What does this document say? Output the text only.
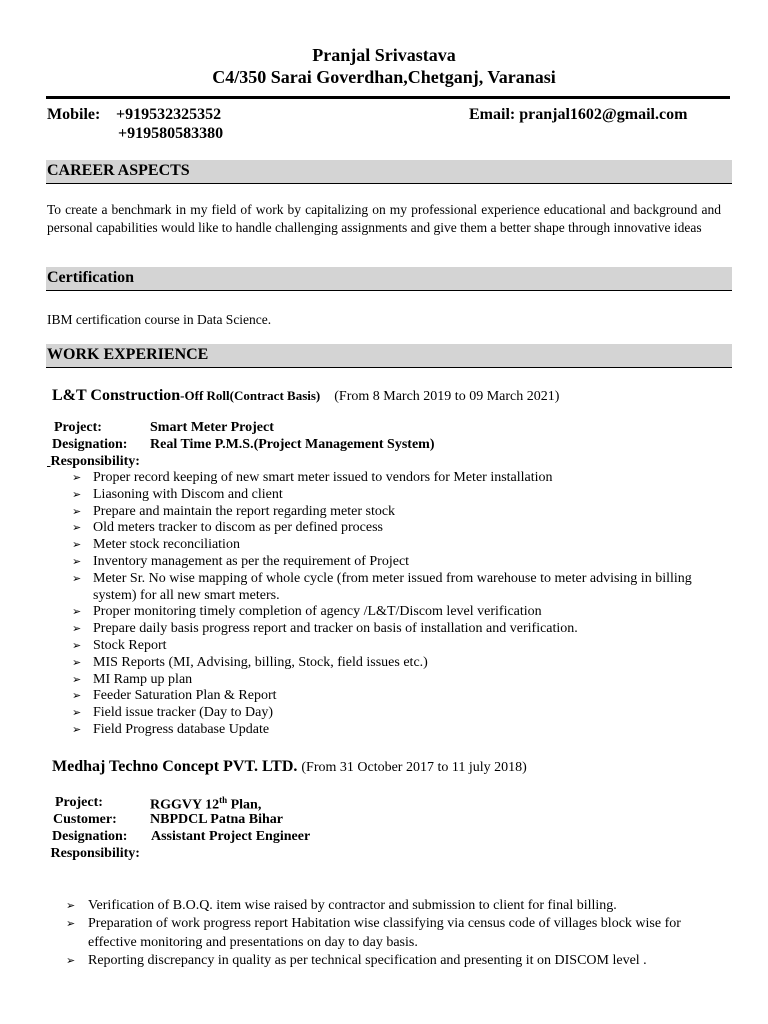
Pranjal Srivastava
C4/350 Sarai Goverdhan,Chetganj, Varanasi
Mobile: +919532325352
+919580583380
Email: pranjal1602@gmail.com
CAREER ASPECTS
To create a benchmark in my field of work by capitalizing on my professional experience educational and background and personal capabilities would like to handle challenging assignments and give them a better shape through innovative ideas
Certification
IBM certification course in Data Science.
WORK EXPERIENCE
L&T Construction-Off Roll(Contract Basis) (From 8 March 2019 to 09 March 2021)
Project:	Smart Meter Project
Designation: Real Time P.M.S.(Project Management System)
Responsibility:
➢ Proper record keeping of new smart meter issued to vendors for Meter installation
➢ Liasoning with Discom and client
➢ Prepare and maintain the report regarding meter stock
➢ Old meters tracker to discom as per defined process
➢ Meter stock reconciliation
➢ Inventory management as per the requirement of Project
➢ Meter Sr. No wise mapping of whole cycle (from meter issued from warehouse to meter advising in billing system) for all new smart meters.
➢ Proper monitoring timely completion of agency /L&T/Discom level verification
➢ Prepare daily basis progress report and tracker on basis of installation and verification.
➢ Stock Report
➢ MIS Reports (MI, Advising, billing, Stock, field issues etc.)
➢ MI Ramp up plan
➢ Feeder Saturation Plan & Report
➢ Field issue tracker (Day to Day)
➢ Field Progress database Update
Medhaj Techno Concept PVT. LTD. (From 31 October 2017 to 11 july 2018)
Project:	RGGVY 12th Plan,
Customer: NBPDCL Patna Bihar
Designation: Assistant Project Engineer
Responsibility:
➢ Verification of B.O.Q. item wise raised by contractor and submission to client for final billing.
➢ Preparation of work progress report Habitation wise classifying via census code of villages block wise for effective monitoring and presentations on day to day basis.
➢ Reporting discrepancy in quality as per technical specification and presenting it on DISCOM level .
